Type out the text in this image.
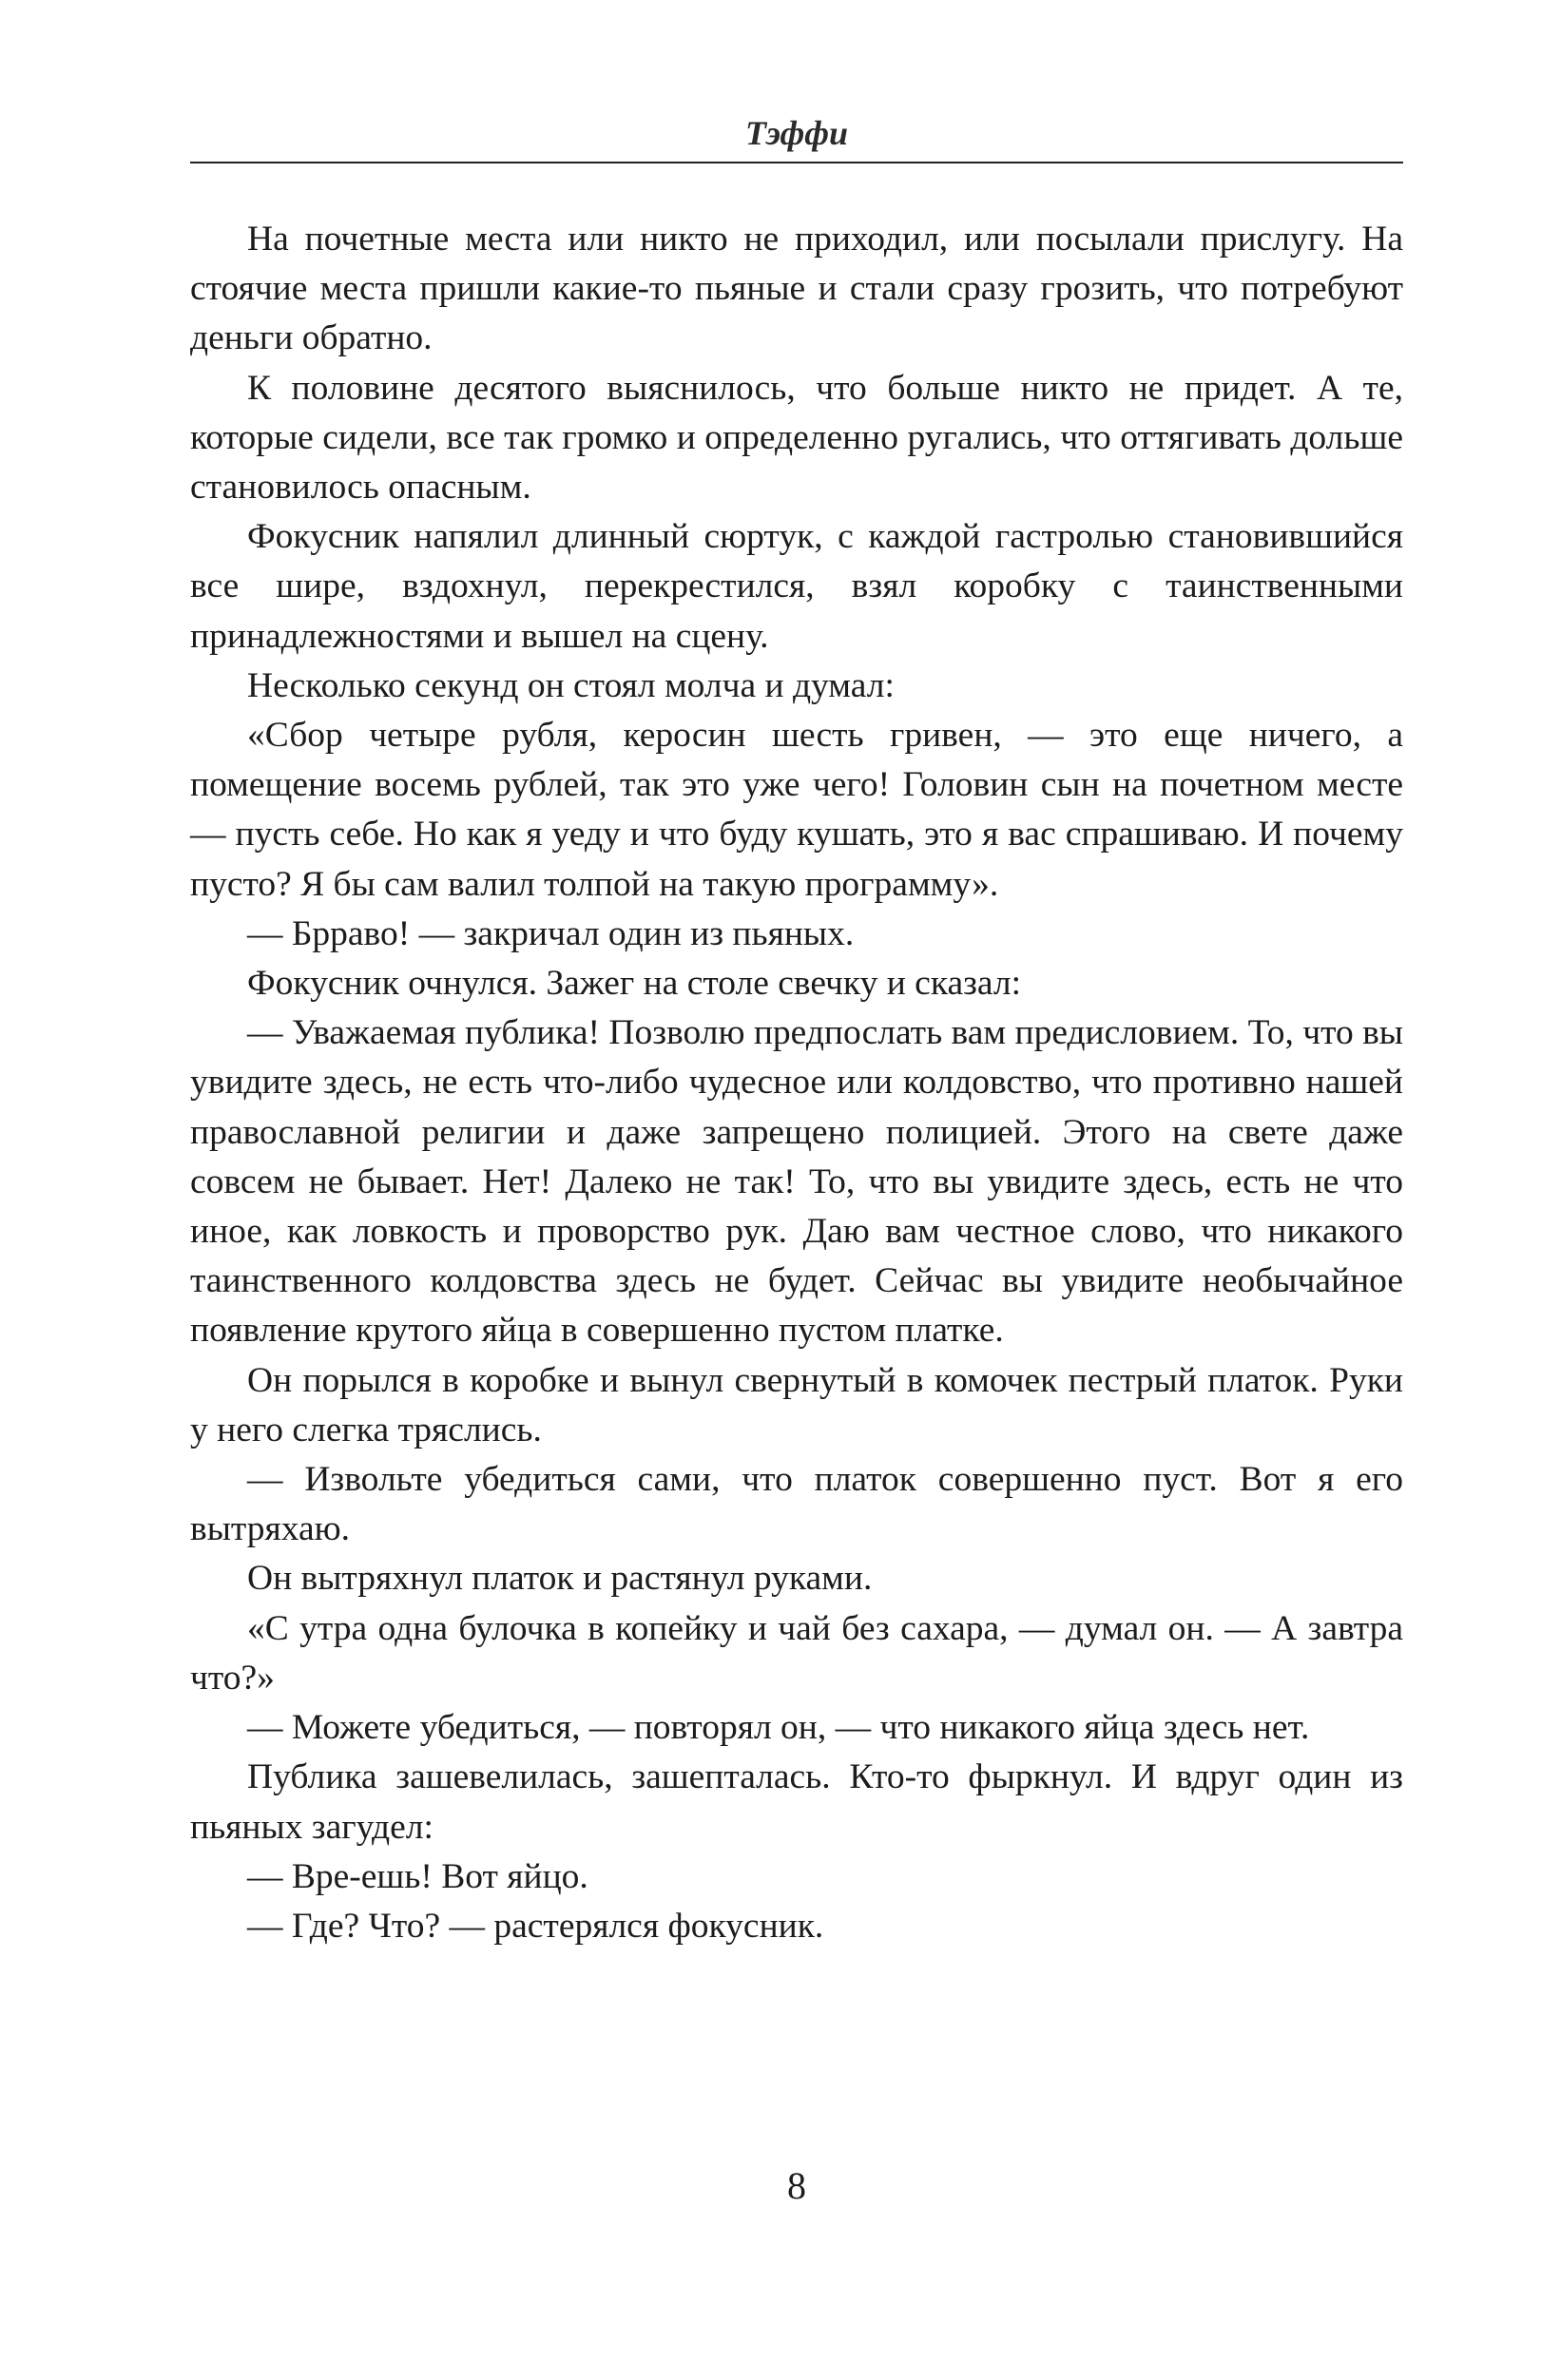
Тэффи

На почетные места или никто не приходил, или посылали прислугу. На стоячие места пришли какие-то пьяные и стали сразу грозить, что потребуют деньги обратно.

К половине десятого выяснилось, что больше никто не придет. А те, которые сидели, все так громко и определенно ругались, что оттягивать дольше становилось опасным.

Фокусник напялил длинный сюртук, с каждой гастролью становившийся все шире, вздохнул, перекрестился, взял коробку с таинственными принадлежностями и вышел на сцену.

Несколько секунд он стоял молча и думал:

«Сбор четыре рубля, керосин шесть гривен, — это еще ничего, а помещение восемь рублей, так это уже чего! Головин сын на почетном месте — пусть себе. Но как я уеду и что буду кушать, это я вас спрашиваю. И почему пусто? Я бы сам валил толпой на такую программу».

— Брраво! — закричал один из пьяных.

Фокусник очнулся. Зажег на столе свечку и сказал:

— Уважаемая публика! Позволю предпослать вам предисловием. То, что вы увидите здесь, не есть что-либо чудесное или колдовство, что противно нашей православной религии и даже запрещено полицией. Этого на свете даже совсем не бывает. Нет! Далеко не так! То, что вы увидите здесь, есть не что иное, как ловкость и проворство рук. Даю вам честное слово, что никакого таинственного колдовства здесь не будет. Сейчас вы увидите необычайное появление крутого яйца в совершенно пустом платке.

Он порылся в коробке и вынул свернутый в комочек пестрый платок. Руки у него слегка тряслись.

— Извольте убедиться сами, что платок совершенно пуст. Вот я его вытряхаю.

Он вытряхнул платок и растянул руками.

«С утра одна булочка в копейку и чай без сахара, — думал он. — А завтра что?»

— Можете убедиться, — повторял он, — что никакого яйца здесь нет.

Публика зашевелилась, зашепталась. Кто-то фыркнул. И вдруг один из пьяных загудел:

— Вре-ешь! Вот яйцо.

— Где? Что? — растерялся фокусник.

8
